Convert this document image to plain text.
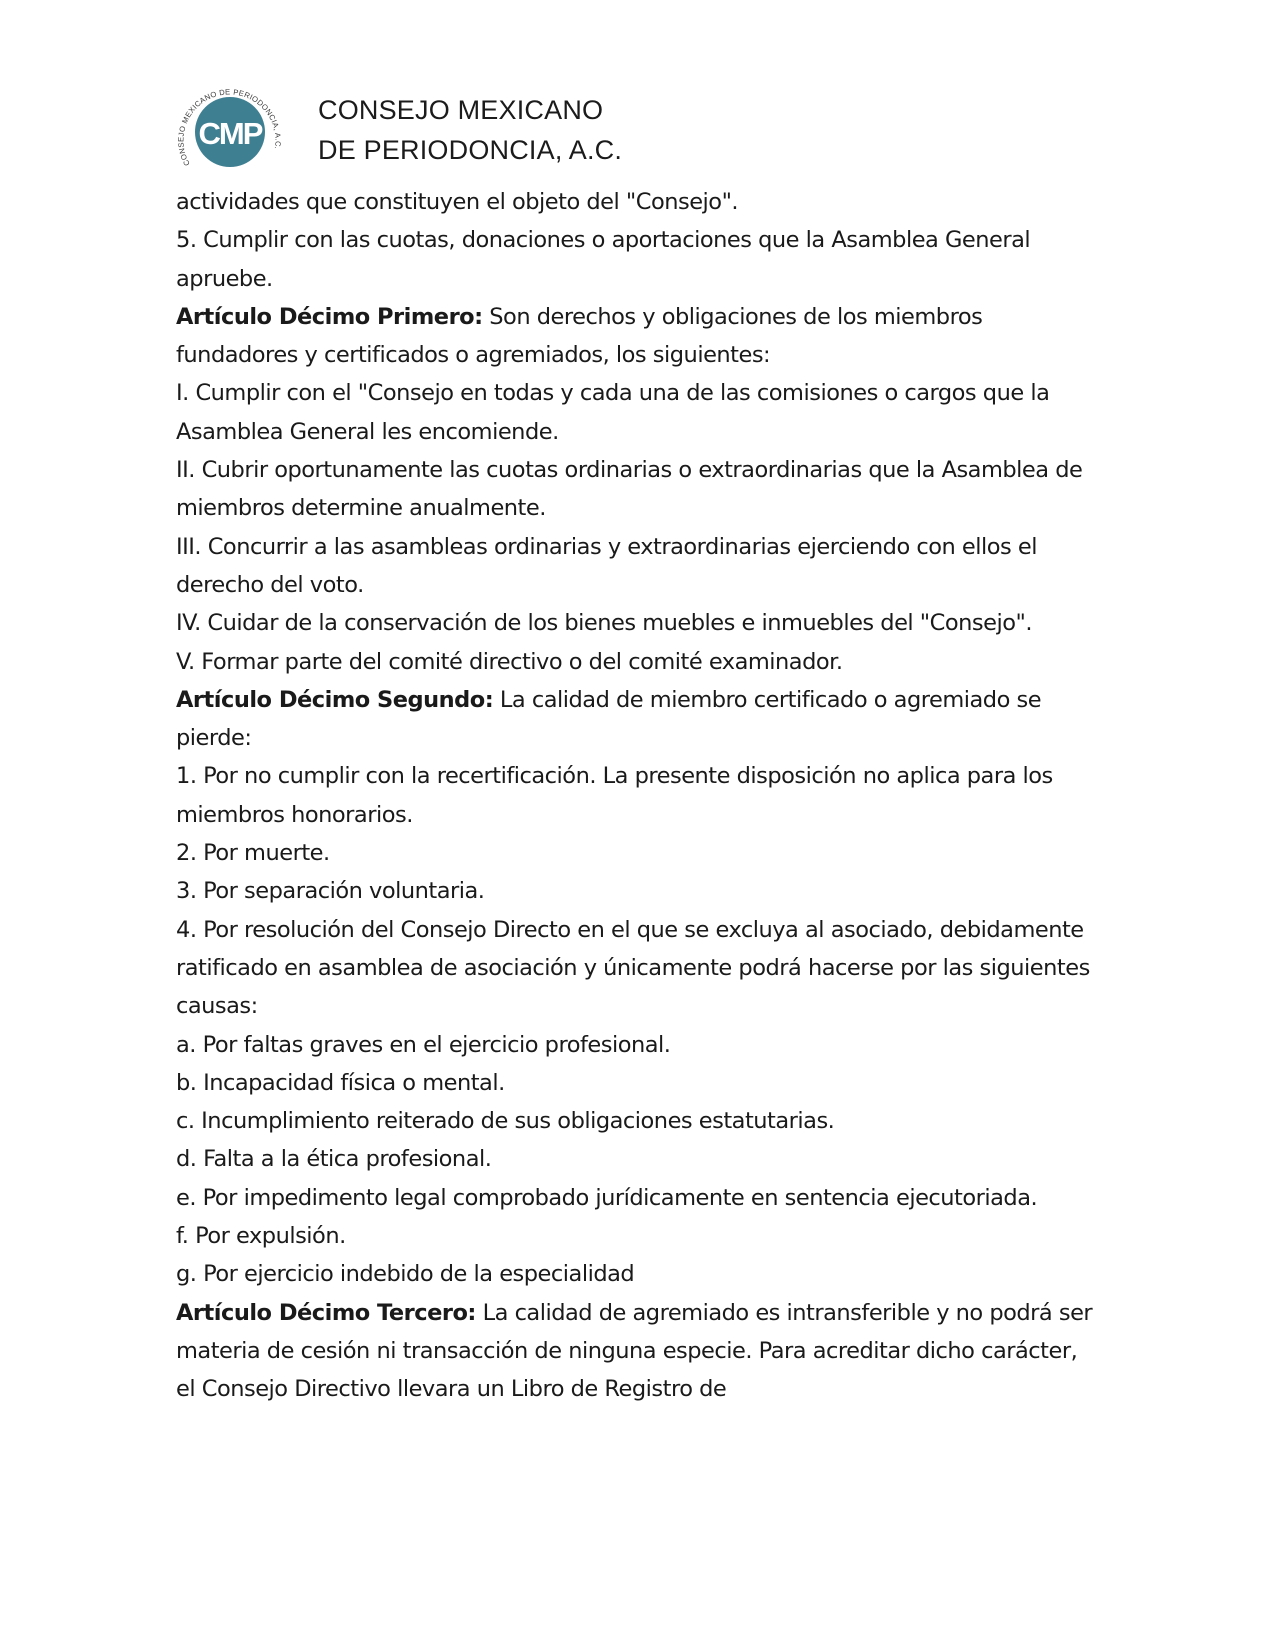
CONSEJO MEXICANO DE PERIODONCIA, A.C.
CMP
CONSEJO MEXICANO
DE PERIODONCIA, A.C.

actividades que constituyen el objeto del "Consejo".

5. Cumplir con las cuotas, donaciones o aportaciones que la Asamblea General apruebe.

Artículo Décimo Primero: Son derechos y obligaciones de los miembros fundadores y certificados o agremiados, los siguientes:

I. Cumplir con el "Consejo en todas y cada una de las comisiones o cargos que la Asamblea General les encomiende.

II. Cubrir oportunamente las cuotas ordinarias o extraordinarias que la Asamblea de miembros determine anualmente.

III. Concurrir a las asambleas ordinarias y extraordinarias ejerciendo con ellos el derecho del voto.

IV. Cuidar de la conservación de los bienes muebles e inmuebles del "Consejo".

V. Formar parte del comité directivo o del comité examinador.

Artículo Décimo Segundo: La calidad de miembro certificado o agremiado se pierde:

1. Por no cumplir con la recertificación. La presente disposición no aplica para los miembros honorarios.

2. Por muerte.

3. Por separación voluntaria.

4. Por resolución del Consejo Directo en el que se excluya al asociado, debidamente ratificado en asamblea de asociación y únicamente podrá hacerse por las siguientes causas:

a. Por faltas graves en el ejercicio profesional.

b. Incapacidad física o mental.

c. Incumplimiento reiterado de sus obligaciones estatutarias.

d. Falta a la ética profesional.

e. Por impedimento legal comprobado jurídicamente en sentencia ejecutoriada.

f. Por expulsión.

g. Por ejercicio indebido de la especialidad

Artículo Décimo Tercero: La calidad de agremiado es intransferible y no podrá ser materia de cesión ni transacción de ninguna especie. Para acreditar dicho carácter, el Consejo Directivo llevara un Libro de Registro de
